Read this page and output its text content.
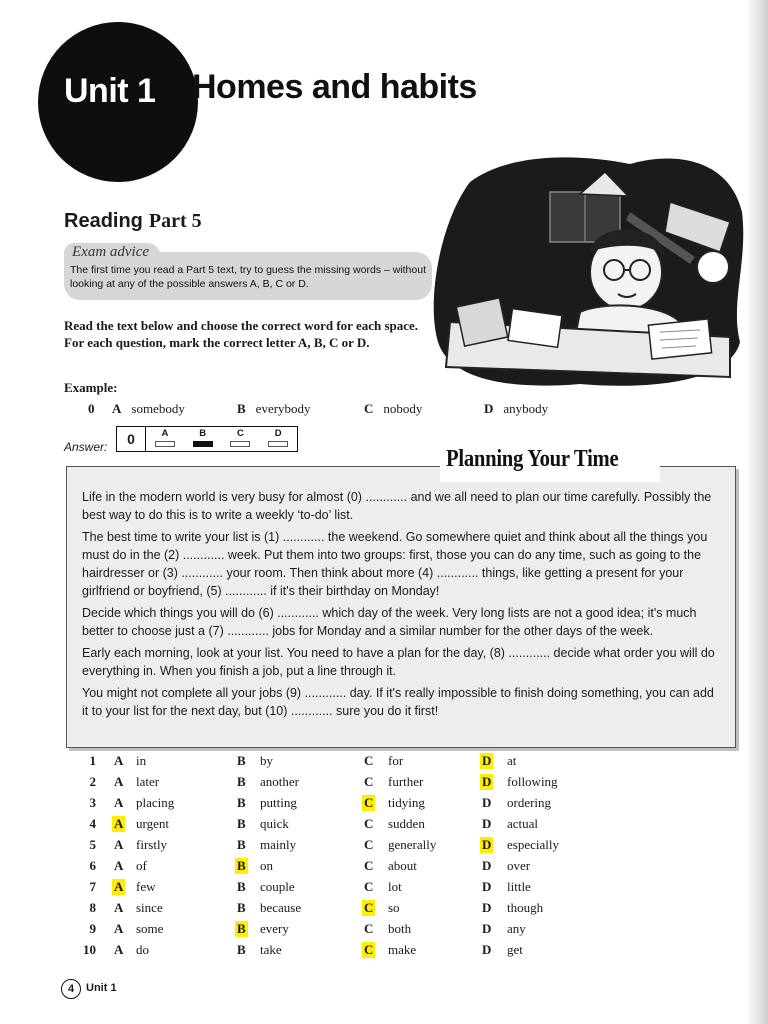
Unit 1 Homes and habits
Reading Part 5
Exam advice
The first time you read a Part 5 text, try to guess the missing words – without looking at any of the possible answers A, B, C or D.
Read the text below and choose the correct word for each space.
For each question, mark the correct letter A, B, C or D.
Example:
0	A somebody	B everybody	C nobody	D anybody
Answer:	0	A	B	C	D
Planning Your Time

Life in the modern world is very busy for almost (0) ............ and we all need to plan our time carefully. Possibly the best way to do this is to write a weekly ‘to-do’ list.

The best time to write your list is (1) ............ the weekend. Go somewhere quiet and think about all the things you must do in the (2) ............ week. Put them into two groups: first, those you can do any time, such as going to the hairdresser or (3) ............ your room. Then think about more (4) ............ things, like getting a present for your girlfriend or boyfriend, (5) ............ if it's their birthday on Monday!

Decide which things you will do (6) ............ which day of the week. Very long lists are not a good idea; it's much better to choose just a (7) ............ jobs for Monday and a similar number for the other days of the week.

Early each morning, look at your list. You need to have a plan for the day, (8) ............ decide what order you will do everything in. When you finish a job, put a line through it.

You might not complete all your jobs (9) ............ day. If it's really impossible to finish doing something, you can add it to your list for the next day, but (10) ............ sure you do it first!

1 A in	B by	C for	D at
2 A later	B another	C further	D following
3 A placing	B putting	C tidying	D ordering
4 A urgent	B quick	C sudden	D actual
5 A firstly	B mainly	C generally	D especially
6 A of	B on	C about	D over
7 A few	B couple	C lot	D little
8 A since	B because	C so	D though
9 A some	B every	C both	D any
10 A do	B take	C make	D get
4	Unit 1
